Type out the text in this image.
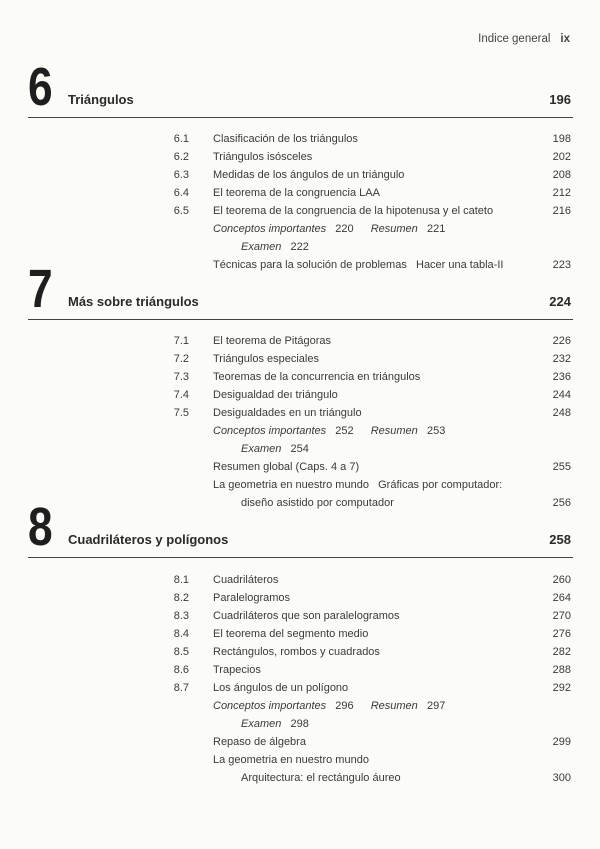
Indice general ix
6 Triángulos	196
6.1 Clasificación de los triángulos	198
6.2 Triángulos isósceles	202
6.3 Medidas de los ángulos de un triángulo	208
6.4 El teorema de la congruencia LAA	212
6.5 El teorema de la congruencia de la hipotenusa y el cateto	216
Conceptos importantes 220 Resumen 221
Examen 222
Técnicas para la solución de problemas   Hacer una tabla-II	223
7 Más sobre triángulos	224
7.1 El teorema de Pitágoras	226
7.2 Triángulos especiales	232
7.3 Teoremas de la concurrencia en triángulos	236
7.4 Desigualdad deı triángulo	244
7.5 Desigualdades en un triángulo	248
Conceptos importantes 252 Resumen 253
Examen 254
Resumen global (Caps. 4 a 7)	255
La geometria en nuestro mundo   Gráficas por computador:
diseño asistido por computador	256
8 Cuadriláteros y polígonos	258
8.1 Cuadriláteros	260
8.2 Paralelogramos	264
8.3 Cuadriláteros que son paralelogramos	270
8.4 El teorema del segmento medio	276
8.5 Rectángulos, rombos y cuadrados	282
8.6 Trapecios	288
8.7 Los ángulos de un polígono	292
Conceptos importantes 296 Resumen 297
Examen 298
Repaso de álgebra	299
La geometria en nuestro mundo
Arquitectura: el rectángulo áureo	300
